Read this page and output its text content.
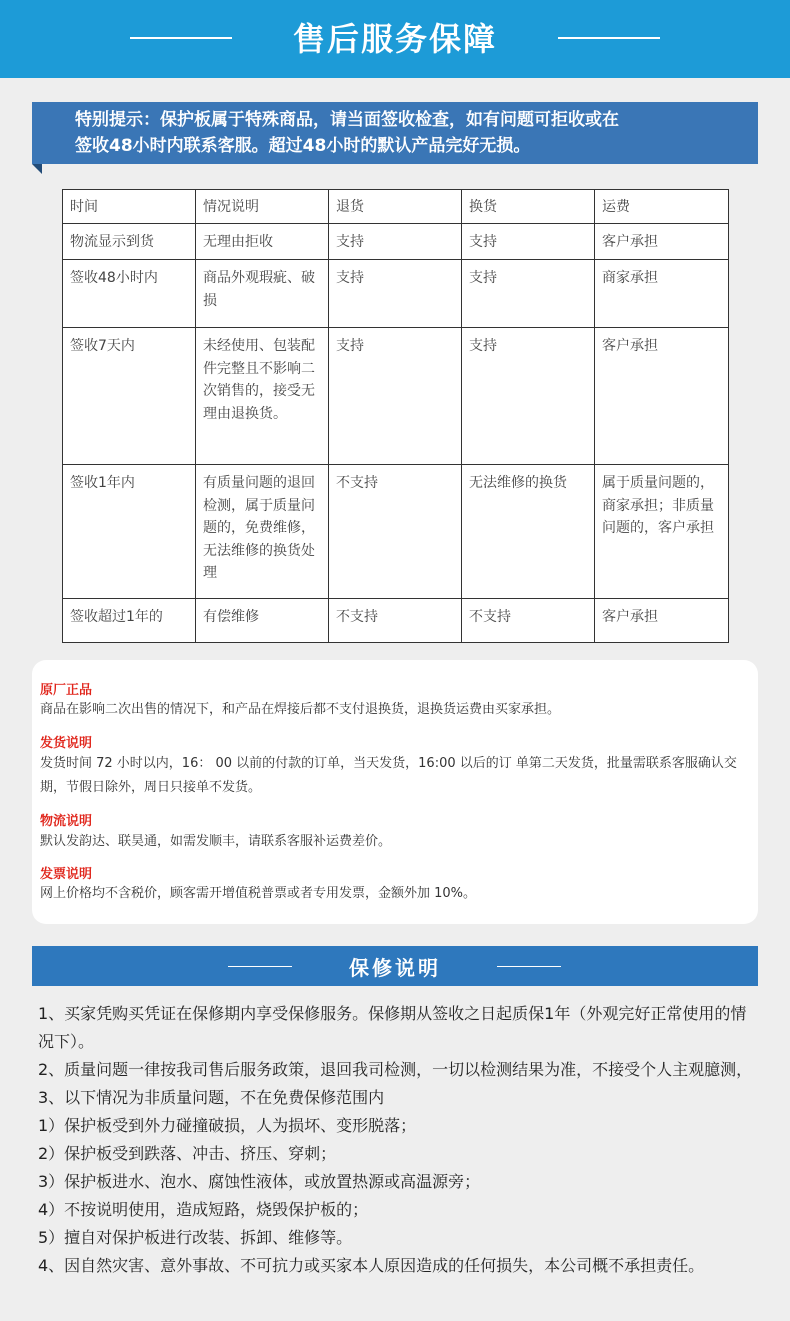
售后服务保障
特别提示：保护板属于特殊商品，请当面签收检查，如有问题可拒收或在
签收48小时内联系客服。超过48小时的默认产品完好无损。
时间	情况说明	退货	换货	运费
物流显示到货	无理由拒收	支持	支持	客户承担
签收48小时内	商品外观瑕疵、破损	支持	支持	商家承担
签收7天内	未经使用、包装配件完整且不影响二次销售的，接受无理由退换货。	支持	支持	客户承担
签收1年内	有质量问题的退回检测，属于质量问题的，免费维修，无法维修的换货处理	不支持	无法维修的换货	属于质量问题的，商家承担；非质量问题的，客户承担
签收超过1年的	有偿维修	不支持	不支持	客户承担
原厂正品
商品在影响二次出售的情况下，和产品在焊接后都不支付退换货，退换货运费由买家承担。
发货说明
发货时间 72 小时以内，16： 00 以前的付款的订单，当天发货，16:00 以后的订 单第二天发货，批量需联系客服确认交期，节假日除外，周日只接单不发货。
物流说明
默认发韵达、联昊通，如需发顺丰，请联系客服补运费差价。
发票说明
网上价格均不含税价，顾客需开增值税普票或者专用发票，金额外加 10%。
保修说明
1、买家凭购买凭证在保修期内享受保修服务。保修期从签收之日起质保1年（外观完好正常使用的情况下）。
2、质量问题一律按我司售后服务政策，退回我司检测，一切以检测结果为准，不接受个人主观臆测，
3、以下情况为非质量问题，不在免费保修范围内
1）保护板受到外力碰撞破损，人为损坏、变形脱落；
2）保护板受到跌落、冲击、挤压、穿刺；
3）保护板进水、泡水、腐蚀性液体，或放置热源或高温源旁；
4）不按说明使用，造成短路，烧毁保护板的；
5）擅自对保护板进行改装、拆卸、维修等。
4、因自然灾害、意外事故、不可抗力或买家本人原因造成的任何损失，本公司概不承担责任。
